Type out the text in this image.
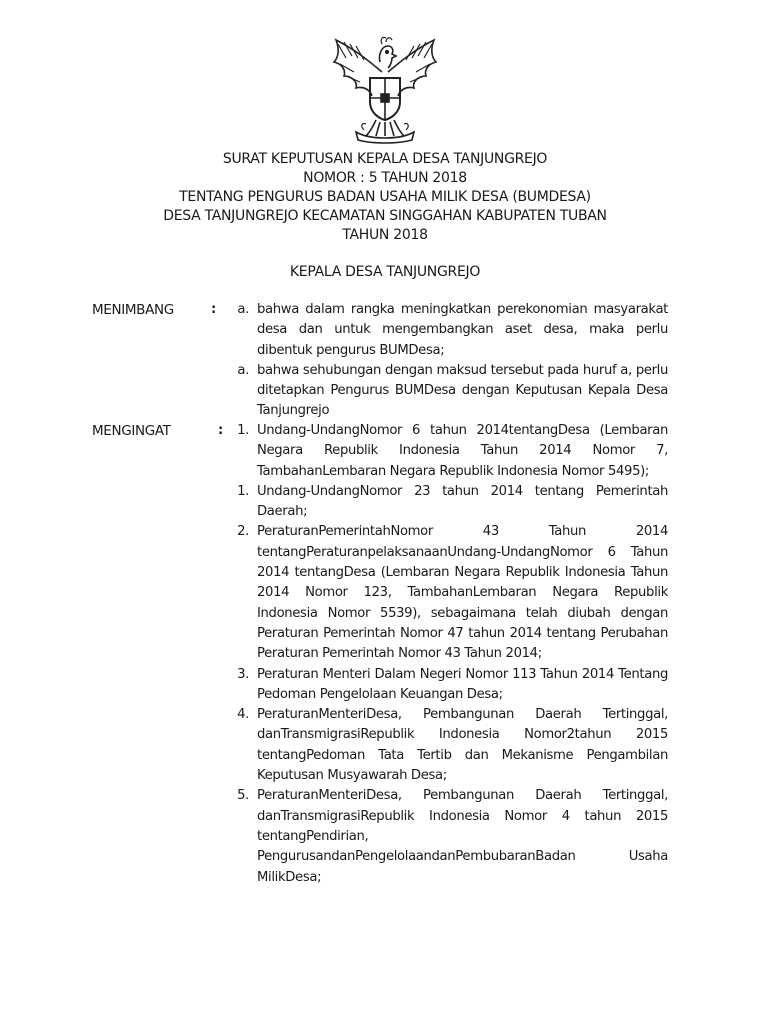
SURAT KEPUTUSAN KEPALA DESA TANJUNGREJO
NOMOR : 5 TAHUN 2018
TENTANG PENGURUS BADAN USAHA MILIK DESA (BUMDESA)
DESA TANJUNGREJO KECAMATAN SINGGAHAN KABUPATEN TUBAN
TAHUN 2018
KEPALA DESA TANJUNGREJO
MENIMBANG	:	a. bahwa dalam rangka meningkatkan perekonomian masyarakat desa dan untuk mengembangkan aset desa, maka perlu dibentuk pengurus BUMDesa;
a. bahwa sehubungan dengan maksud tersebut pada huruf a, perlu ditetapkan Pengurus BUMDesa dengan Keputusan Kepala Desa Tanjungrejo
MENGINGAT	:	1. Undang-UndangNomor 6 tahun 2014tentangDesa (Lembaran Negara Republik Indonesia Tahun 2014 Nomor 7, TambahanLembaran Negara Republik Indonesia Nomor 5495);
1. Undang-UndangNomor 23 tahun 2014 tentang Pemerintah Daerah;
2. PeraturanPemerintahNomor 43 Tahun 2014 tentangPeraturanpelaksanaanUndang-UndangNomor 6 Tahun 2014 tentangDesa (Lembaran Negara Republik Indonesia Tahun 2014 Nomor 123, TambahanLembaran Negara Republik Indonesia Nomor 5539), sebagaimana telah diubah dengan Peraturan Pemerintah Nomor 47 tahun 2014 tentang Perubahan Peraturan Pemerintah Nomor 43 Tahun 2014;
3. Peraturan Menteri Dalam Negeri Nomor 113 Tahun 2014 Tentang Pedoman Pengelolaan Keuangan Desa;
4. PeraturanMenteriDesa, Pembangunan Daerah Tertinggal, danTransmigrasiRepublik Indonesia Nomor2tahun 2015 tentangPedoman Tata Tertib dan Mekanisme Pengambilan Keputusan Musyawarah Desa;
5. PeraturanMenteriDesa, Pembangunan Daerah Tertinggal, danTransmigrasiRepublik Indonesia Nomor 4 tahun 2015 tentangPendirian, PengurusandanPengelolaandanPembubaranBadan Usaha MilikDesa;
